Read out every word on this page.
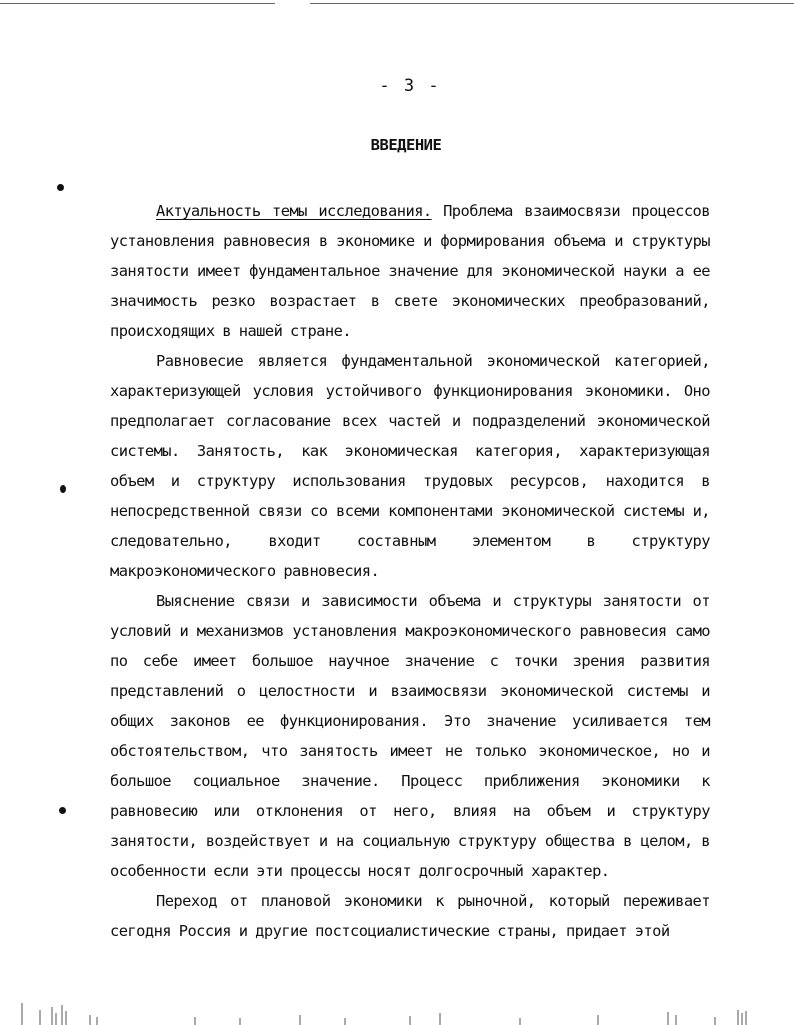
- 3 -
ВВЕДЕНИЕ

Актуальность темы исследования. Проблема взаимосвязи процессов установления равновесия в экономике и формирования объема и структуры занятости имеет фундаментальное значение для экономической науки а ее значимость резко возрастает в свете экономических преобразований, происходящих в нашей стране.

Равновесие является фундаментальной экономической категорией, характеризующей условия устойчивого функционирования экономики. Оно предполагает согласование всех частей и подразделений экономической системы. Занятость, как экономическая категория, характеризующая объем и структуру использования трудовых ресурсов, находится в непосредственной связи со всеми компонентами экономической системы и, следовательно, входит составным элементом в структуру макроэкономического равновесия.

Выяснение связи и зависимости объема и структуры занятости от условий и механизмов установления макроэкономического равновесия само по себе имеет большое научное значение с точки зрения развития представлений о целостности и взаимосвязи экономической системы и общих законов ее функционирования. Это значение усиливается тем обстоятельством, что занятость имеет не только экономическое, но и большое социальное значение. Процесс приближения экономики к равновесию или отклонения от него, влияя на объем и структуру занятости, воздействует и на социальную структуру общества в целом, в особенности если эти процессы носят долгосрочный характер.

Переход от плановой экономики к рыночной, который переживает сегодня Россия и другие постсоциалистические страны, придает этой
